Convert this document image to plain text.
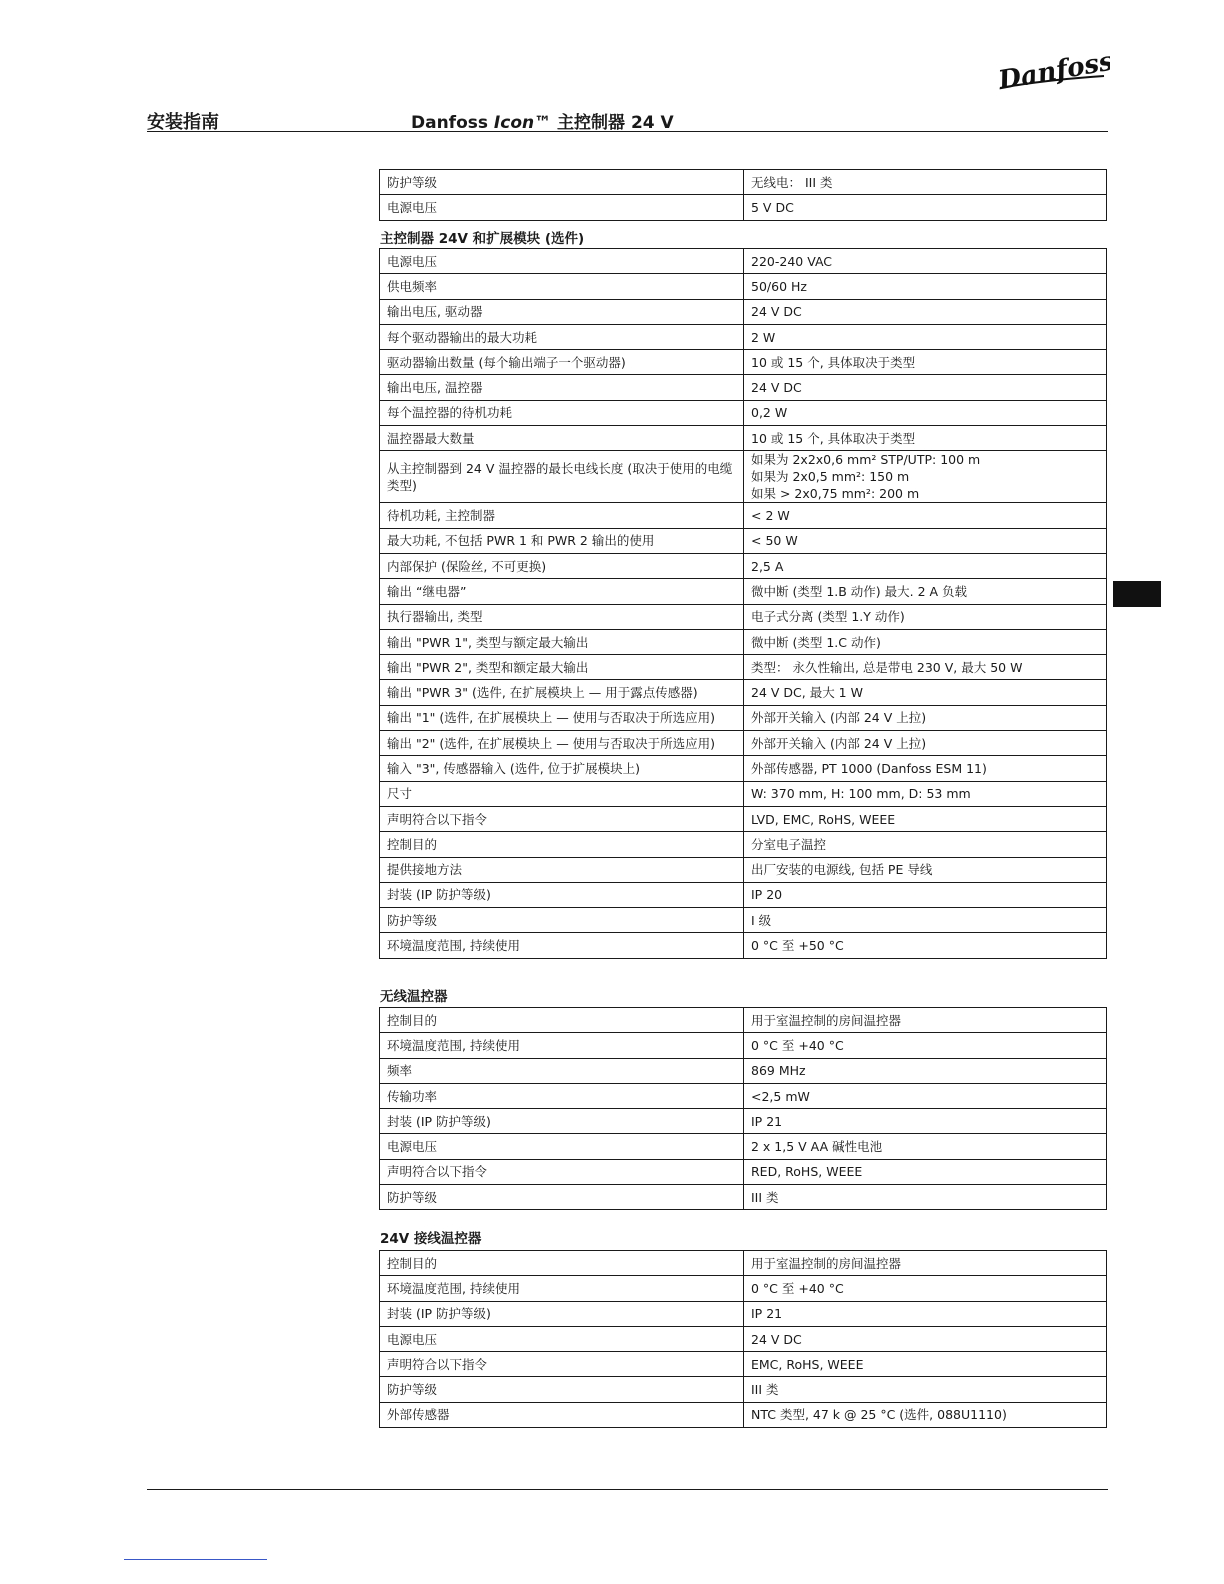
Danfoss
安装指南	Danfoss Icon™ 主控制器 24 V
防护等级	无线电： III 类
电源电压	5 V DC
主控制器 24V 和扩展模块 (选件)
电源电压	220-240 VAC
供电频率	50/60 Hz
输出电压, 驱动器	24 V DC
每个驱动器输出的最大功耗	2 W
驱动器输出数量 (每个输出端子一个驱动器)	10 或 15 个, 具体取决于类型
输出电压, 温控器	24 V DC
每个温控器的待机功耗	0,2 W
温控器最大数量	10 或 15 个, 具体取决于类型
从主控制器到 24 V 温控器的最长电线长度 (取决于使用的电缆类型)	如果为 2x2x0,6 mm² STP/UTP: 100 m
如果为 2x0,5 mm²: 150 m
如果 > 2x0,75 mm²: 200 m
待机功耗, 主控制器	< 2 W
最大功耗, 不包括 PWR 1 和 PWR 2 输出的使用	< 50 W
内部保护 (保险丝, 不可更换)	2,5 A
输出 “继电器”	微中断 (类型 1.B 动作) 最大. 2 A 负载
执行器输出, 类型	电子式分离 (类型 1.Y 动作)
输出 "PWR 1", 类型与额定最大输出	微中断 (类型 1.C 动作)
输出 "PWR 2", 类型和额定最大输出	类型： 永久性输出, 总是带电 230 V, 最大 50 W
输出 "PWR 3" (选件, 在扩展模块上 — 用于露点传感器)	24 V DC, 最大 1 W
输出 "1" (选件, 在扩展模块上 — 使用与否取决于所选应用)	外部开关输入 (内部 24 V 上拉)
输出 "2" (选件, 在扩展模块上 — 使用与否取决于所选应用)	外部开关输入 (内部 24 V 上拉)
输入 "3", 传感器输入 (选件, 位于扩展模块上)	外部传感器, PT 1000 (Danfoss ESM 11)
尺寸	W: 370 mm, H: 100 mm, D: 53 mm
声明符合以下指令	LVD, EMC, RoHS, WEEE
控制目的	分室电子温控
提供接地方法	出厂安装的电源线, 包括 PE 导线
封装 (IP 防护等级)	IP 20
防护等级	I 级
环境温度范围, 持续使用	0 °C 至 +50 °C
无线温控器
控制目的	用于室温控制的房间温控器
环境温度范围, 持续使用	0 °C 至 +40 °C
频率	869 MHz
传输功率	<2,5 mW
封装 (IP 防护等级)	IP 21
电源电压	2 x 1,5 V AA 碱性电池
声明符合以下指令	RED, RoHS, WEEE
防护等级	III 类
24V 接线温控器
控制目的	用于室温控制的房间温控器
环境温度范围, 持续使用	0 °C 至 +40 °C
封装 (IP 防护等级)	IP 21
电源电压	24 V DC
声明符合以下指令	EMC, RoHS, WEEE
防护等级	III 类
外部传感器	NTC 类型, 47 k @ 25 °C (选件, 088U1110)
